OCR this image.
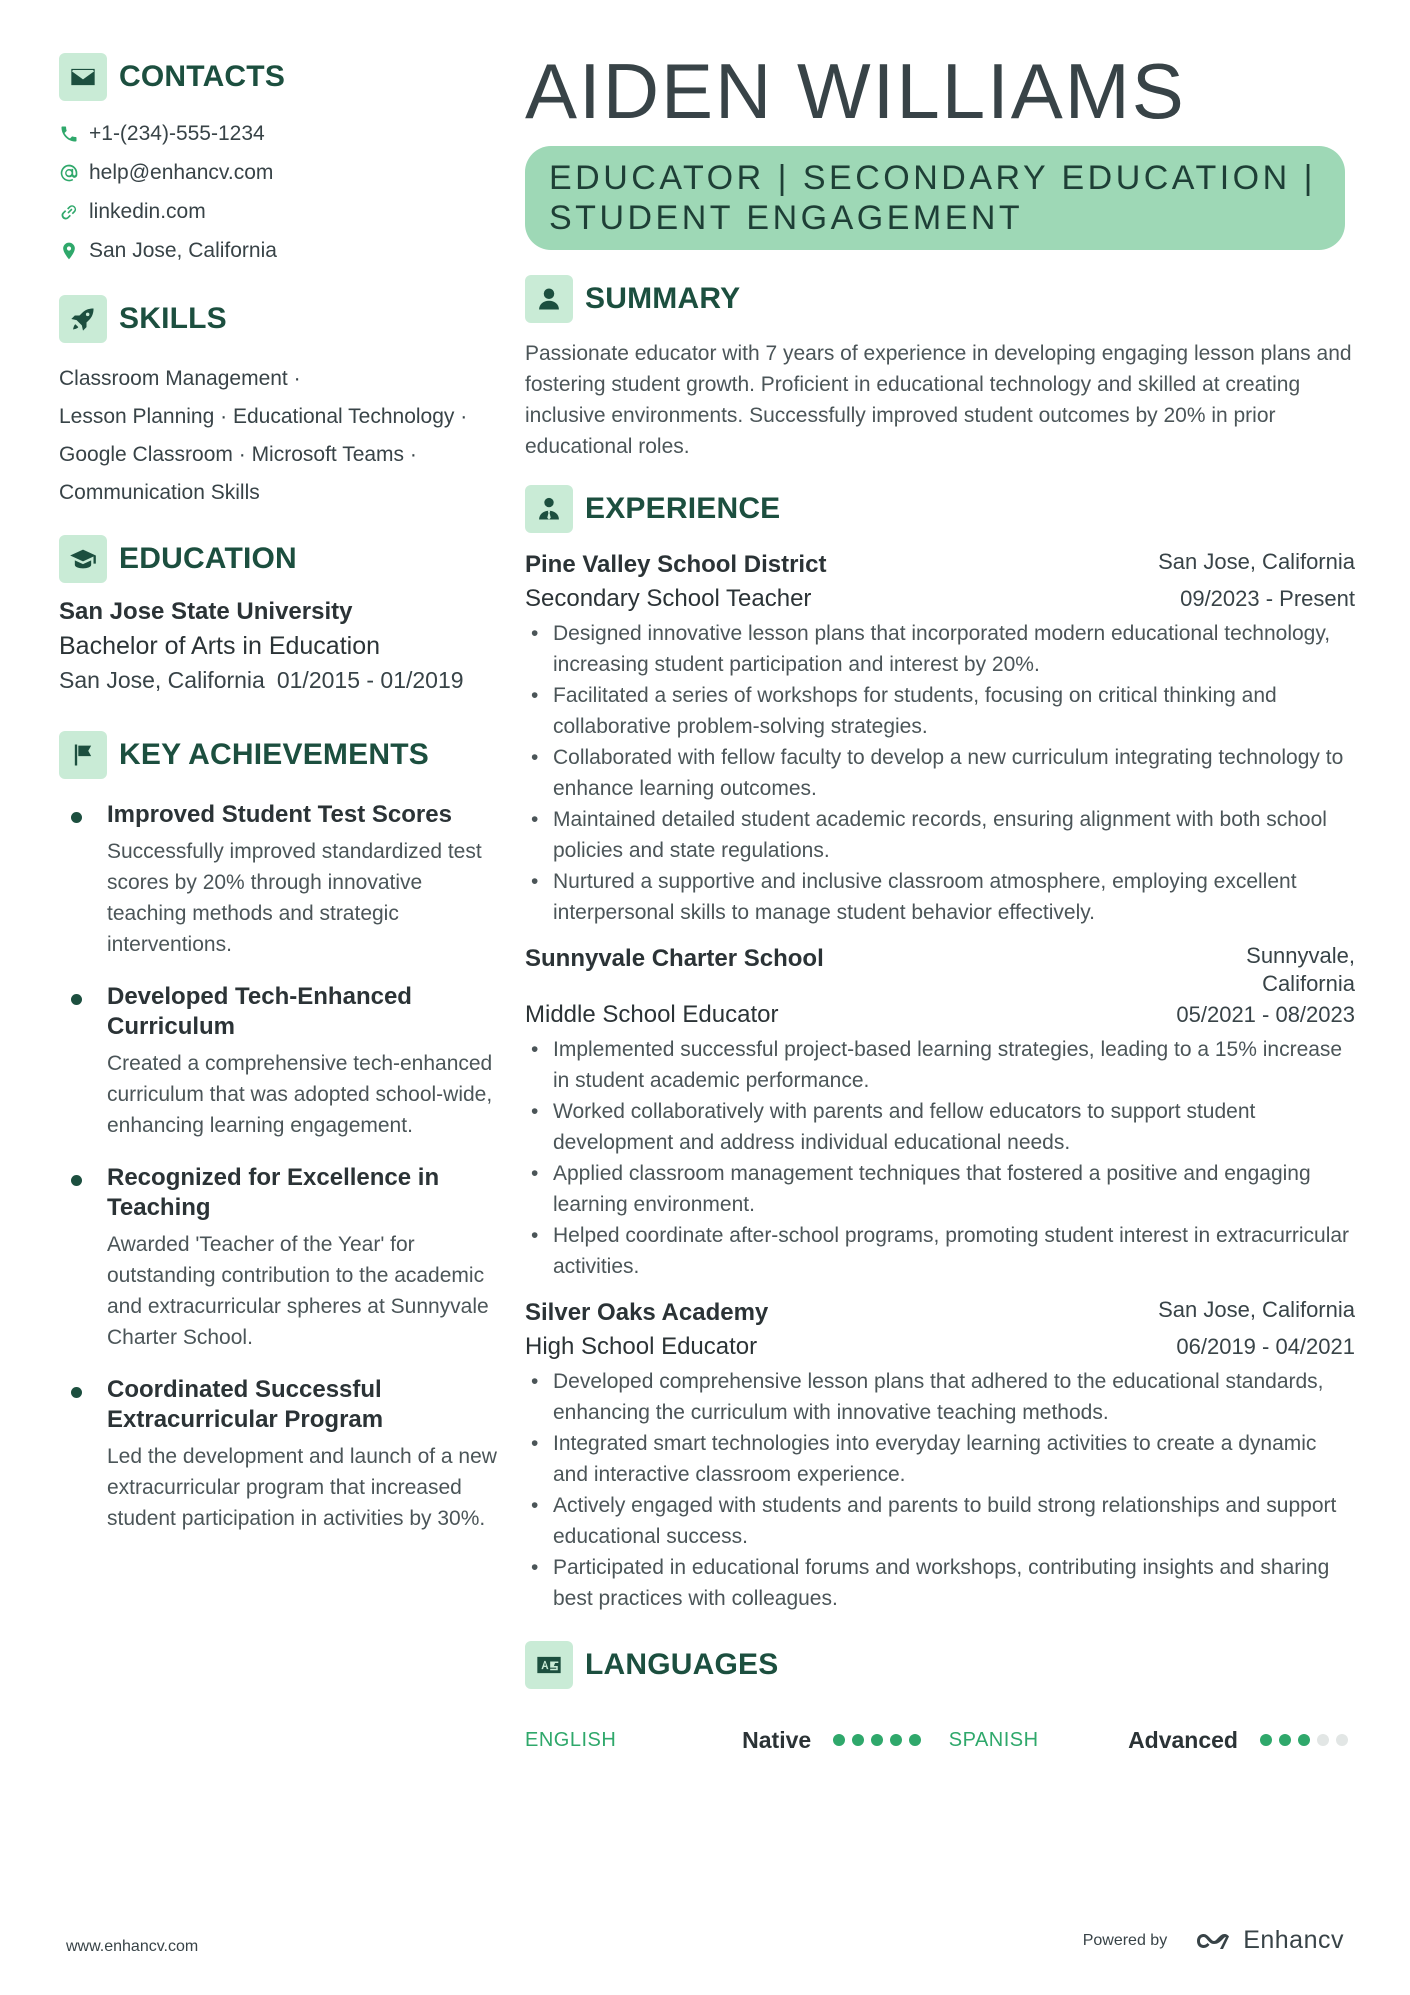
CONTACTS
+1-(234)-555-1234
help@enhancv.com
linkedin.com
San Jose, California
SKILLS
Classroom Management ·
Lesson Planning · Educational Technology ·
Google Classroom · Microsoft Teams ·
Communication Skills
EDUCATION
San Jose State University
Bachelor of Arts in Education
San Jose, California 01/2015 - 01/2019
KEY ACHIEVEMENTS
Improved Student Test Scores
Successfully improved standardized test scores by 20% through innovative teaching methods and strategic interventions.
Developed Tech-Enhanced Curriculum
Created a comprehensive tech-enhanced curriculum that was adopted school-wide, enhancing learning engagement.
Recognized for Excellence in Teaching
Awarded 'Teacher of the Year' for outstanding contribution to the academic and extracurricular spheres at Sunnyvale Charter School.
Coordinated Successful Extracurricular Program
Led the development and launch of a new extracurricular program that increased student participation in activities by 30%.
AIDEN WILLIAMS
EDUCATOR | SECONDARY EDUCATION |
STUDENT ENGAGEMENT
SUMMARY
Passionate educator with 7 years of experience in developing engaging lesson plans and fostering student growth. Proficient in educational technology and skilled at creating inclusive environments. Successfully improved student outcomes by 20% in prior educational roles.
EXPERIENCE
Pine Valley School District	San Jose, California
Secondary School Teacher	09/2023 - Present
• Designed innovative lesson plans that incorporated modern educational technology, increasing student participation and interest by 20%.
• Facilitated a series of workshops for students, focusing on critical thinking and collaborative problem-solving strategies.
• Collaborated with fellow faculty to develop a new curriculum integrating technology to enhance learning outcomes.
• Maintained detailed student academic records, ensuring alignment with both school policies and state regulations.
• Nurtured a supportive and inclusive classroom atmosphere, employing excellent interpersonal skills to manage student behavior effectively.
Sunnyvale Charter School	Sunnyvale,
California
Middle School Educator	05/2021 - 08/2023
• Implemented successful project-based learning strategies, leading to a 15% increase in student academic performance.
• Worked collaboratively with parents and fellow educators to support student development and address individual educational needs.
• Applied classroom management techniques that fostered a positive and engaging learning environment.
• Helped coordinate after-school programs, promoting student interest in extracurricular activities.
Silver Oaks Academy	San Jose, California
High School Educator	06/2019 - 04/2021
• Developed comprehensive lesson plans that adhered to the educational standards, enhancing the curriculum with innovative teaching methods.
• Integrated smart technologies into everyday learning activities to create a dynamic and interactive classroom experience.
• Actively engaged with students and parents to build strong relationships and support educational success.
• Participated in educational forums and workshops, contributing insights and sharing best practices with colleagues.
LANGUAGES
ENGLISH	Native	SPANISH	Advanced
www.enhancv.com	Powered by	Enhancv
